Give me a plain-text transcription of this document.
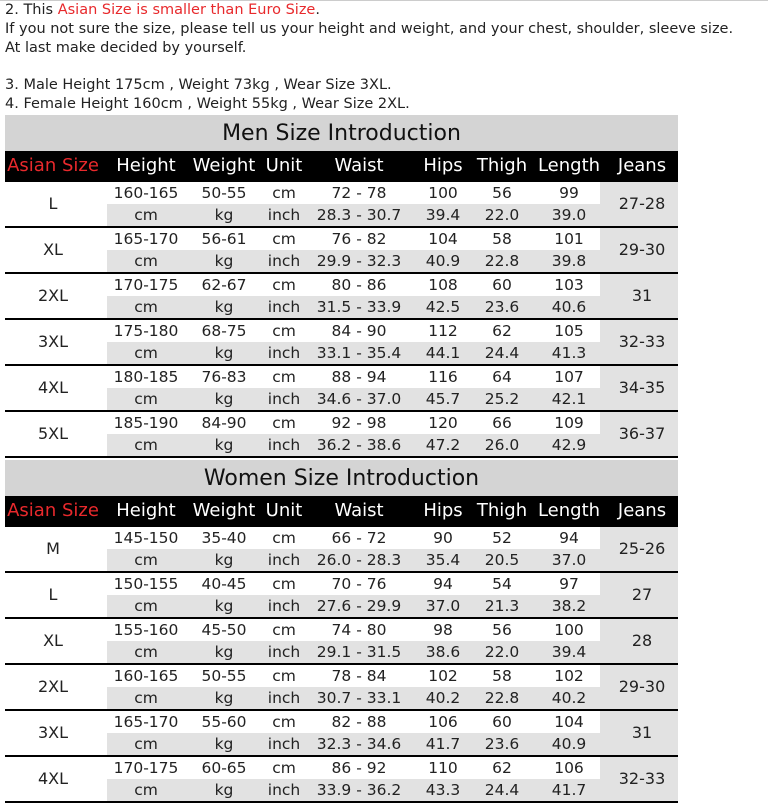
2. This Asian Size is smaller than Euro Size.
If you not sure the size, please tell us your height and weight, and your chest, shoulder, sleeve size.
At last make decided by yourself.
3. Male Height 175cm , Weight 73kg , Wear Size 3XL.
4. Female Height 160cm , Weight 55kg , Wear Size 2XL.
Men Size Introduction
Asian Size Height Weight Unit Waist Hips Thigh Length Jeans
L
160-165
cm
50-55
kg
cm
inch
72 - 78
28.3 - 30.7
100
39.4
56
22.0
99
39.0
27-28
XL
165-170
cm
56-61
kg
cm
inch
76 - 82
29.9 - 32.3
104
40.9
58
22.8
101
39.8
29-30
2XL
170-175
cm
62-67
kg
cm
inch
80 - 86
31.5 - 33.9
108
42.5
60
23.6
103
40.6
31
3XL
175-180
cm
68-75
kg
cm
inch
84 - 90
33.1 - 35.4
112
44.1
62
24.4
105
41.3
32-33
4XL
180-185
cm
76-83
kg
cm
inch
88 - 94
34.6 - 37.0
116
45.7
64
25.2
107
42.1
34-35
5XL
185-190
cm
84-90
kg
cm
inch
92 - 98
36.2 - 38.6
120
47.2
66
26.0
109
42.9
36-37
Women Size Introduction
Asian Size Height Weight Unit Waist Hips Thigh Length Jeans
M
145-150
cm
35-40
kg
cm
inch
66 - 72
26.0 - 28.3
90
35.4
52
20.5
94
37.0
25-26
L
150-155
cm
40-45
kg
cm
inch
70 - 76
27.6 - 29.9
94
37.0
54
21.3
97
38.2
27
XL
155-160
cm
45-50
kg
cm
inch
74 - 80
29.1 - 31.5
98
38.6
56
22.0
100
39.4
28
2XL
160-165
cm
50-55
kg
cm
inch
78 - 84
30.7 - 33.1
102
40.2
58
22.8
102
40.2
29-30
3XL
165-170
cm
55-60
kg
cm
inch
82 - 88
32.3 - 34.6
106
41.7
60
23.6
104
40.9
31
4XL
170-175
cm
60-65
kg
cm
inch
86 - 92
33.9 - 36.2
110
43.3
62
24.4
106
41.7
32-33
